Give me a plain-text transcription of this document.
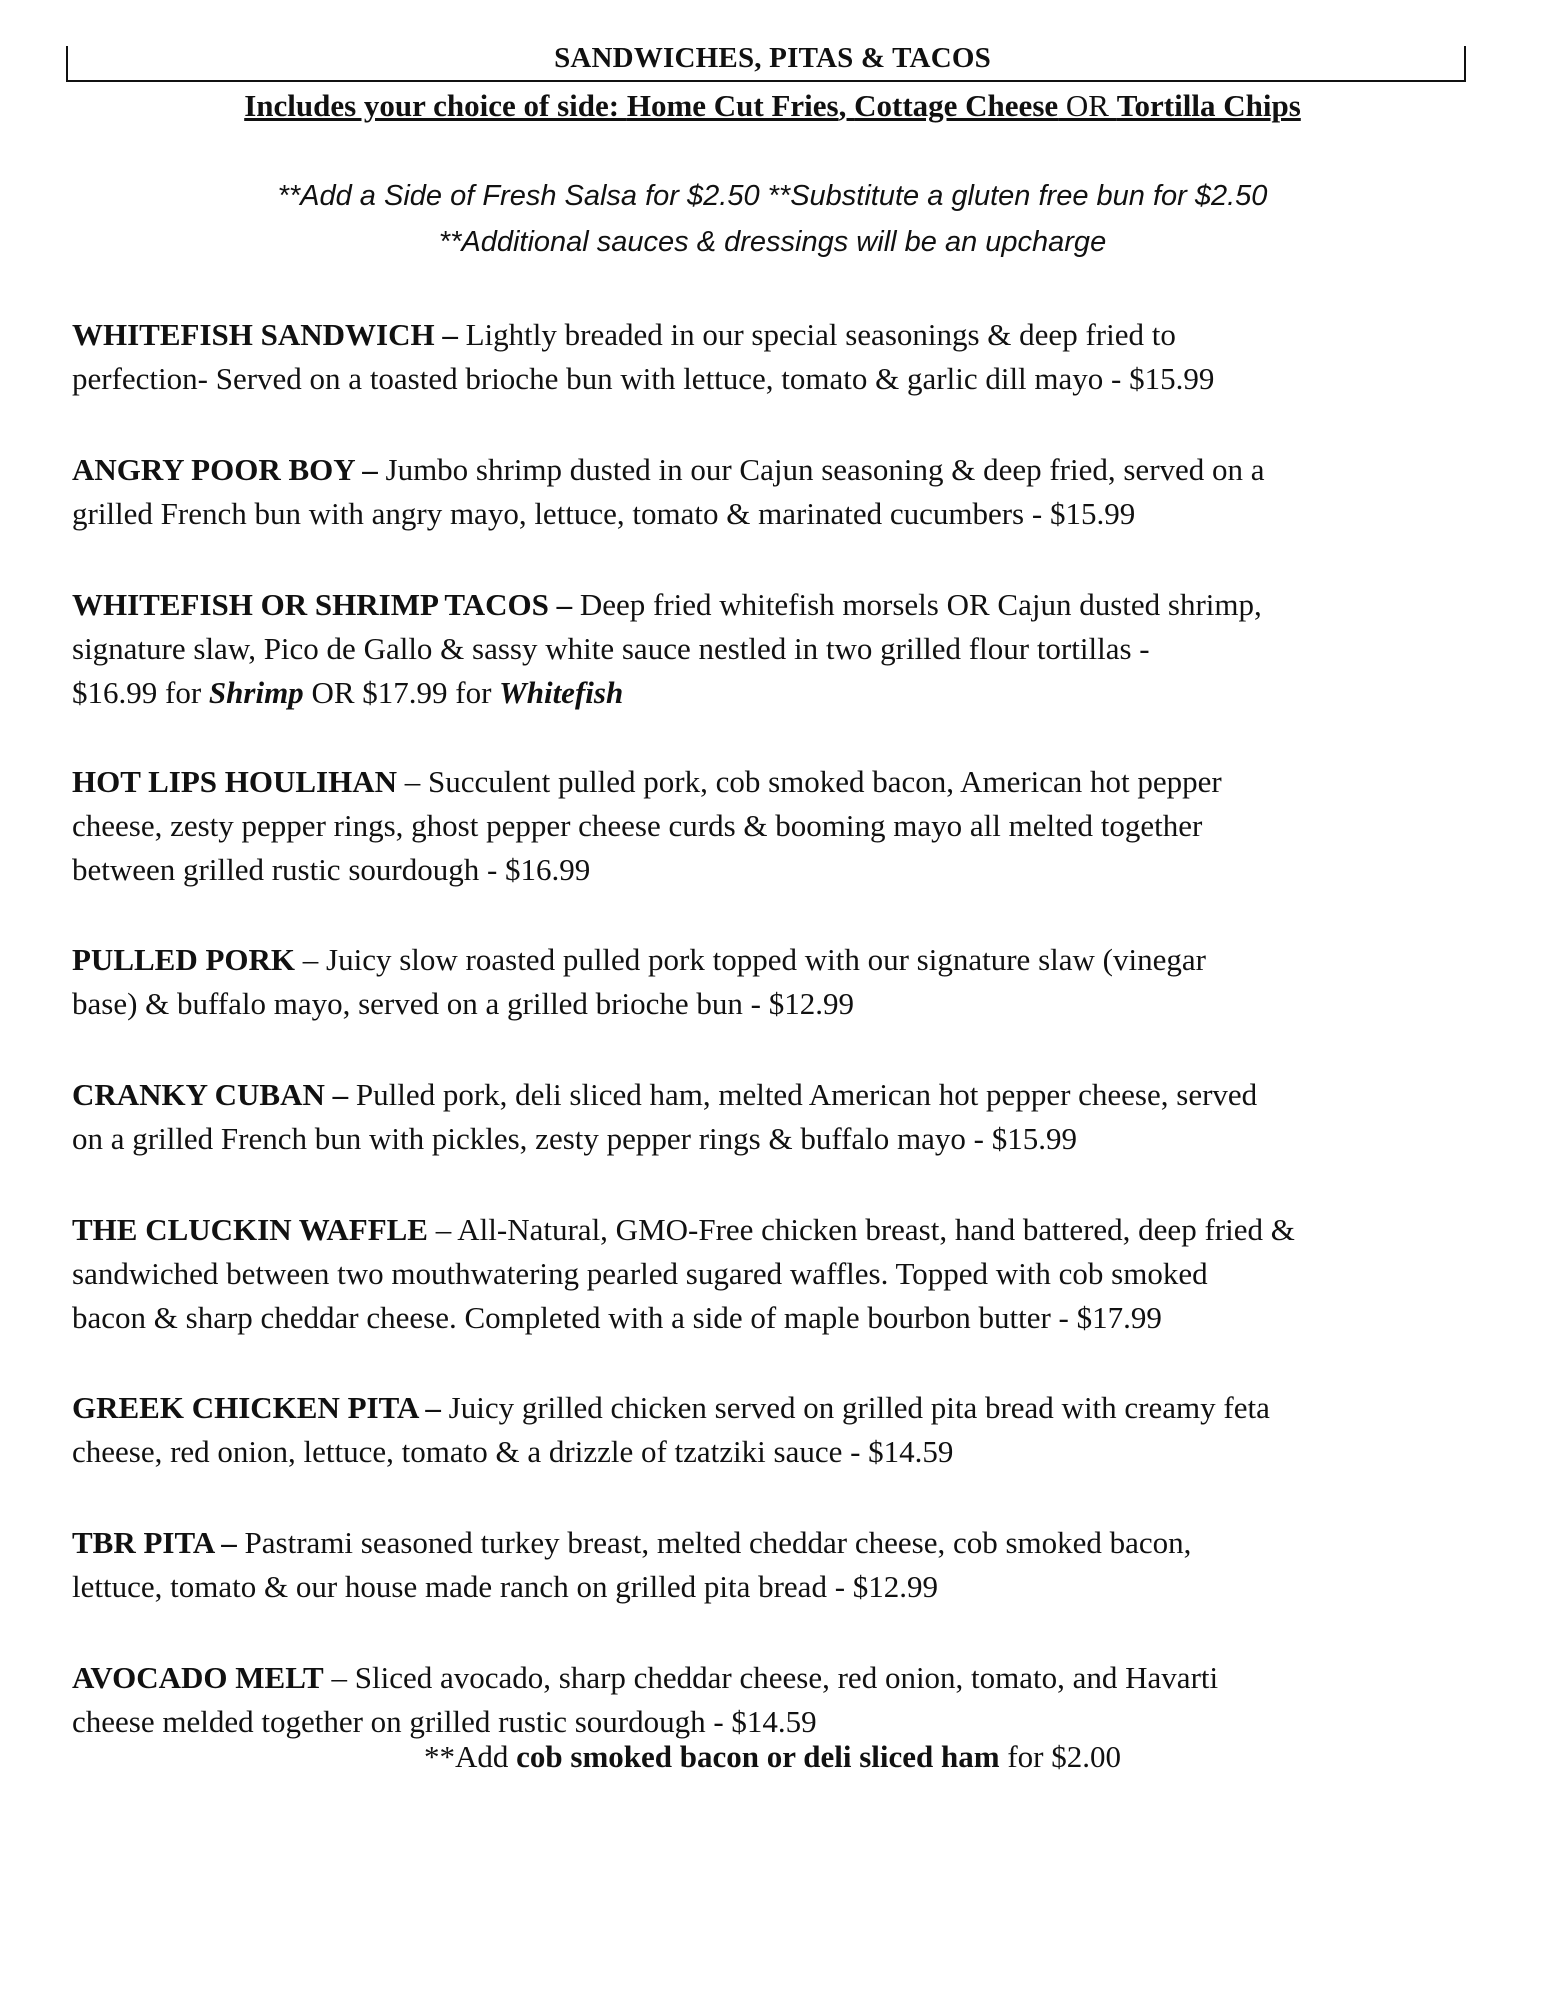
SANDWICHES, PITAS & TACOS
Includes your choice of side: Home Cut Fries, Cottage Cheese OR Tortilla Chips
**Add a Side of Fresh Salsa for $2.50 **Substitute a gluten free bun for $2.50
**Additional sauces & dressings will be an upcharge
WHITEFISH SANDWICH – Lightly breaded in our special seasonings & deep fried to
perfection- Served on a toasted brioche bun with lettuce, tomato & garlic dill mayo - $15.99
ANGRY POOR BOY – Jumbo shrimp dusted in our Cajun seasoning & deep fried, served on a
grilled French bun with angry mayo, lettuce, tomato & marinated cucumbers - $15.99
WHITEFISH OR SHRIMP TACOS – Deep fried whitefish morsels OR Cajun dusted shrimp,
signature slaw, Pico de Gallo & sassy white sauce nestled in two grilled flour tortillas -
$16.99 for Shrimp OR $17.99 for Whitefish
HOT LIPS HOULIHAN – Succulent pulled pork, cob smoked bacon, American hot pepper
cheese, zesty pepper rings, ghost pepper cheese curds & booming mayo all melted together
between grilled rustic sourdough - $16.99
PULLED PORK – Juicy slow roasted pulled pork topped with our signature slaw (vinegar
base) & buffalo mayo, served on a grilled brioche bun - $12.99
CRANKY CUBAN – Pulled pork, deli sliced ham, melted American hot pepper cheese, served
on a grilled French bun with pickles, zesty pepper rings & buffalo mayo - $15.99
THE CLUCKIN WAFFLE – All-Natural, GMO-Free chicken breast, hand battered, deep fried &
sandwiched between two mouthwatering pearled sugared waffles. Topped with cob smoked
bacon & sharp cheddar cheese. Completed with a side of maple bourbon butter - $17.99
GREEK CHICKEN PITA – Juicy grilled chicken served on grilled pita bread with creamy feta
cheese, red onion, lettuce, tomato & a drizzle of tzatziki sauce - $14.59
TBR PITA – Pastrami seasoned turkey breast, melted cheddar cheese, cob smoked bacon,
lettuce, tomato & our house made ranch on grilled pita bread - $12.99
AVOCADO MELT – Sliced avocado, sharp cheddar cheese, red onion, tomato, and Havarti
cheese melded together on grilled rustic sourdough - $14.59
**Add cob smoked bacon or deli sliced ham for $2.00
